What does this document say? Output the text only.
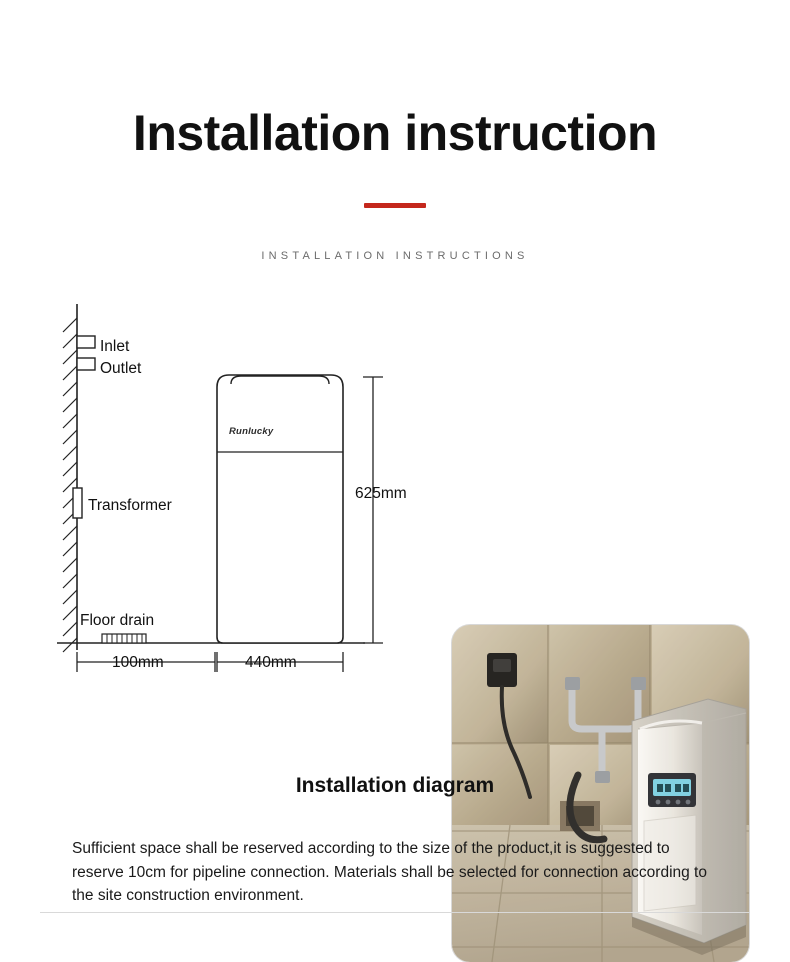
Installation instruction
INSTALLATION INSTRUCTIONS
Inlet
Outlet
Transformer
Floor drain
625mm
100mm	440mm
Runlucky
Installation diagram

Sufficient space shall be reserved according to the size of the product,it is suggested to reserve 10cm for pipeline connection. Materials shall be selected for connection according to the site construction environment.
